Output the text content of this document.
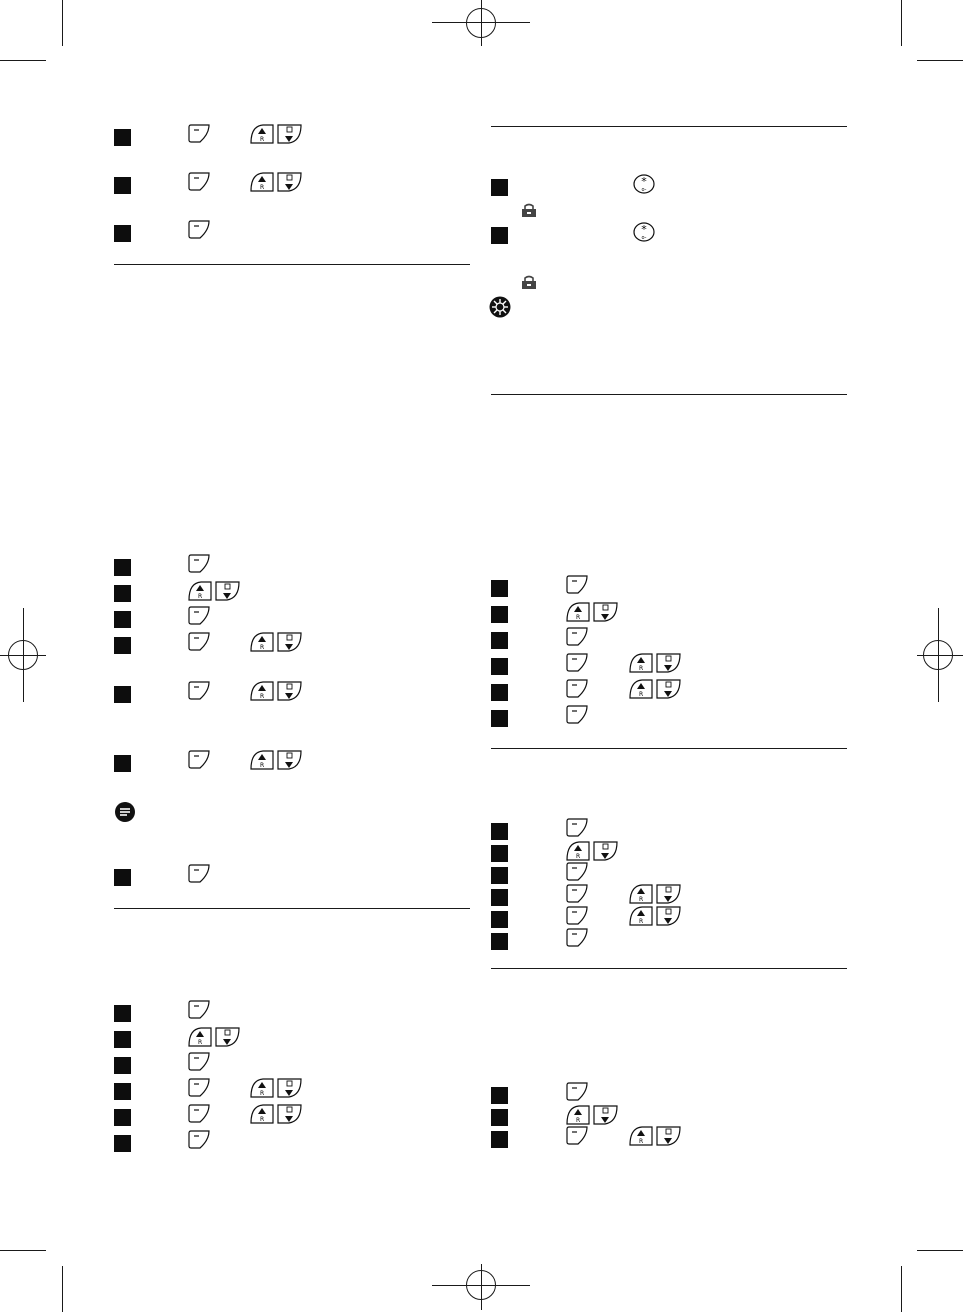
R
R
R
R
R
R
R
R
R
*
o-
*
o-
R
R
R
R
R
R
R
R
